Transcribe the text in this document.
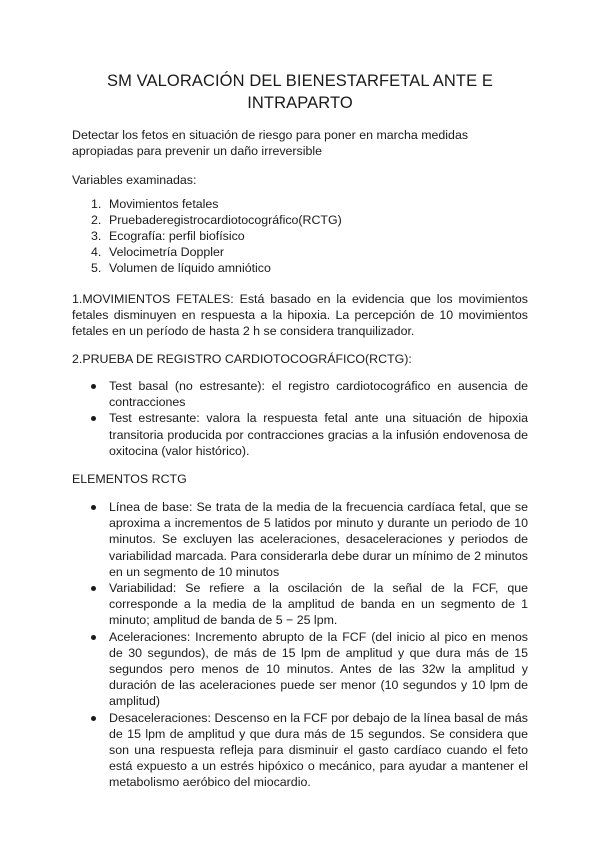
SM VALORACIÓN DEL BIENESTARFETAL ANTE E INTRAPARTO

Detectar los fetos en situación de riesgo para poner en marcha medidas apropiadas para prevenir un daño irreversible

Variables examinadas:

1. Movimientos fetales
2. Pruebaderegistrocardiotocográfico(RCTG)
3. Ecografía: perfil biofísico
4. Velocimetría Doppler
5. Volumen de líquido amniótico

1.MOVIMIENTOS FETALES: Está basado en la evidencia que los movimientos fetales disminuyen en respuesta a la hipoxia. La percepción de 10 movimientos fetales en un período de hasta 2 h se considera tranquilizador.

2.PRUEBA DE REGISTRO CARDIOTOCOGRÁFICO(RCTG):

Test basal (no estresante): el registro cardiotocográfico en ausencia de contracciones
Test estresante: valora la respuesta fetal ante una situación de hipoxia transitoria producida por contracciones gracias a la infusión endovenosa de oxitocina (valor histórico).

ELEMENTOS RCTG

Línea de base: Se trata de la media de la frecuencia cardíaca fetal, que se aproxima a incrementos de 5 latidos por minuto y durante un periodo de 10 minutos. Se excluyen las aceleraciones, desaceleraciones y periodos de variabilidad marcada. Para considerarla debe durar un mínimo de 2 minutos en un segmento de 10 minutos
Variabilidad: Se refiere a la oscilación de la señal de la FCF, que corresponde a la media de la amplitud de banda en un segmento de 1 minuto; amplitud de banda de 5 − 25 lpm.
Aceleraciones: Incremento abrupto de la FCF (del inicio al pico en menos de 30 segundos), de más de 15 lpm de amplitud y que dura más de 15 segundos pero menos de 10 minutos. Antes de las 32w la amplitud y duración de las aceleraciones puede ser menor (10 segundos y 10 lpm de amplitud)
Desaceleraciones: Descenso en la FCF por debajo de la línea basal de más de 15 lpm de amplitud y que dura más de 15 segundos. Se considera que son una respuesta refleja para disminuir el gasto cardíaco cuando el feto está expuesto a un estrés hipóxico o mecánico, para ayudar a mantener el metabolismo aeróbico del miocardio.
